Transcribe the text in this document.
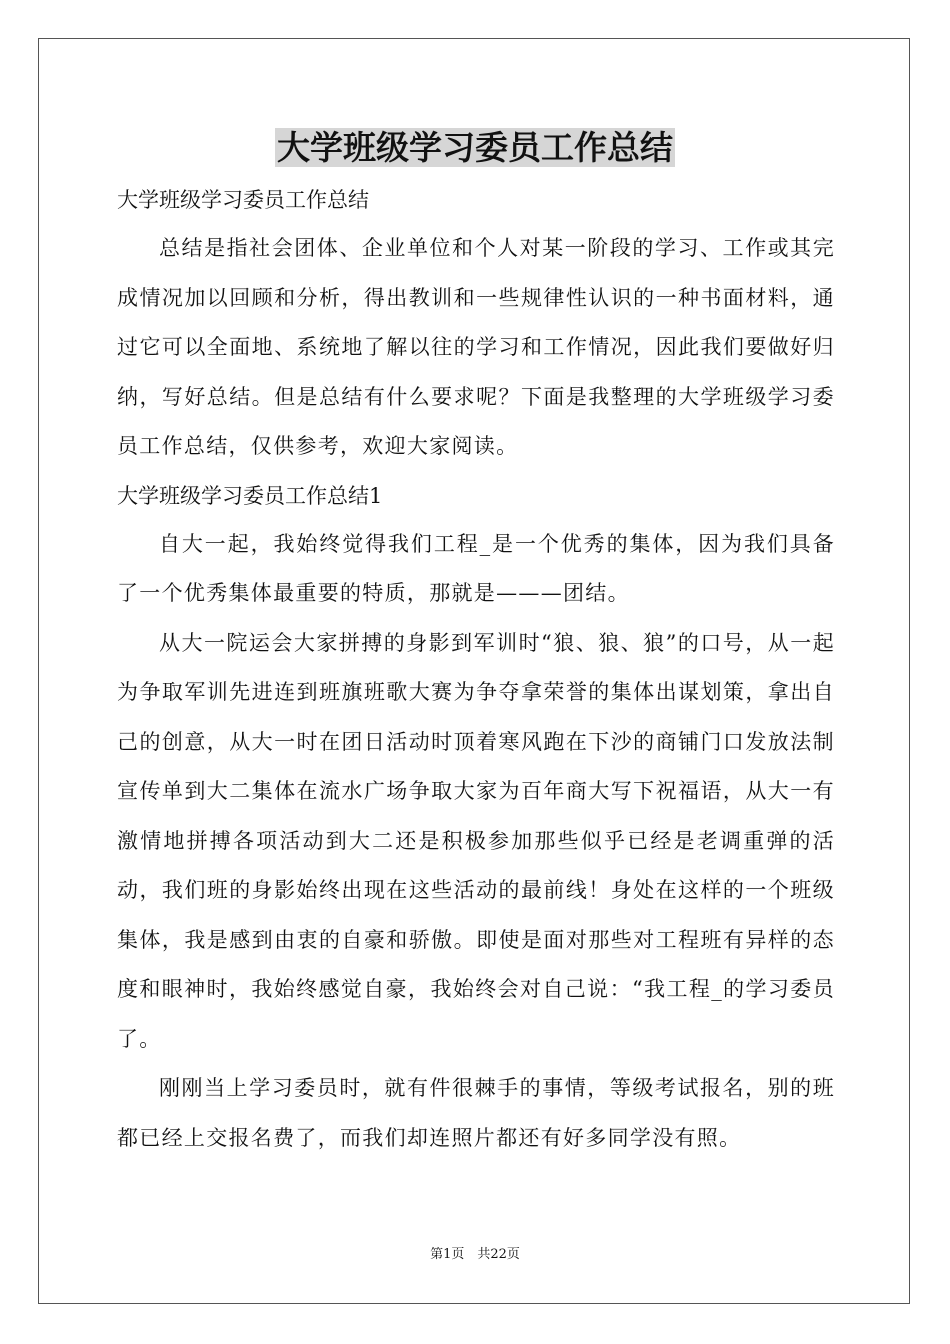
大学班级学习委员工作总结

大学班级学习委员工作总结

总结是指社会团体、企业单位和个人对某一阶段的学习、工作或其完成情况加以回顾和分析，得出教训和一些规律性认识的一种书面材料，通过它可以全面地、系统地了解以往的学习和工作情况，因此我们要做好归纳，写好总结。但是总结有什么要求呢？下面是我整理的大学班级学习委员工作总结，仅供参考，欢迎大家阅读。

大学班级学习委员工作总结1

自大一起，我始终觉得我们工程_是一个优秀的集体，因为我们具备了一个优秀集体最重要的特质，那就是———团结。

从大一院运会大家拼搏的身影到军训时“狼、狼、狼”的口号，从一起为争取军训先进连到班旗班歌大赛为争夺拿荣誉的集体出谋划策，拿出自己的创意，从大一时在团日活动时顶着寒风跑在下沙的商铺门口发放法制宣传单到大二集体在流水广场争取大家为百年商大写下祝福语，从大一有激情地拼搏各项活动到大二还是积极参加那些似乎已经是老调重弹的活动，我们班的身影始终出现在这些活动的最前线！身处在这样的一个班级集体，我是感到由衷的自豪和骄傲。即使是面对那些对工程班有异样的态度和眼神时，我始终感觉自豪，我始终会对自己说：“我工程_的学习委员了。

刚刚当上学习委员时，就有件很棘手的事情，等级考试报名，别的班都已经上交报名费了，而我们却连照片都还有好多同学没有照。

第1页　共22页
